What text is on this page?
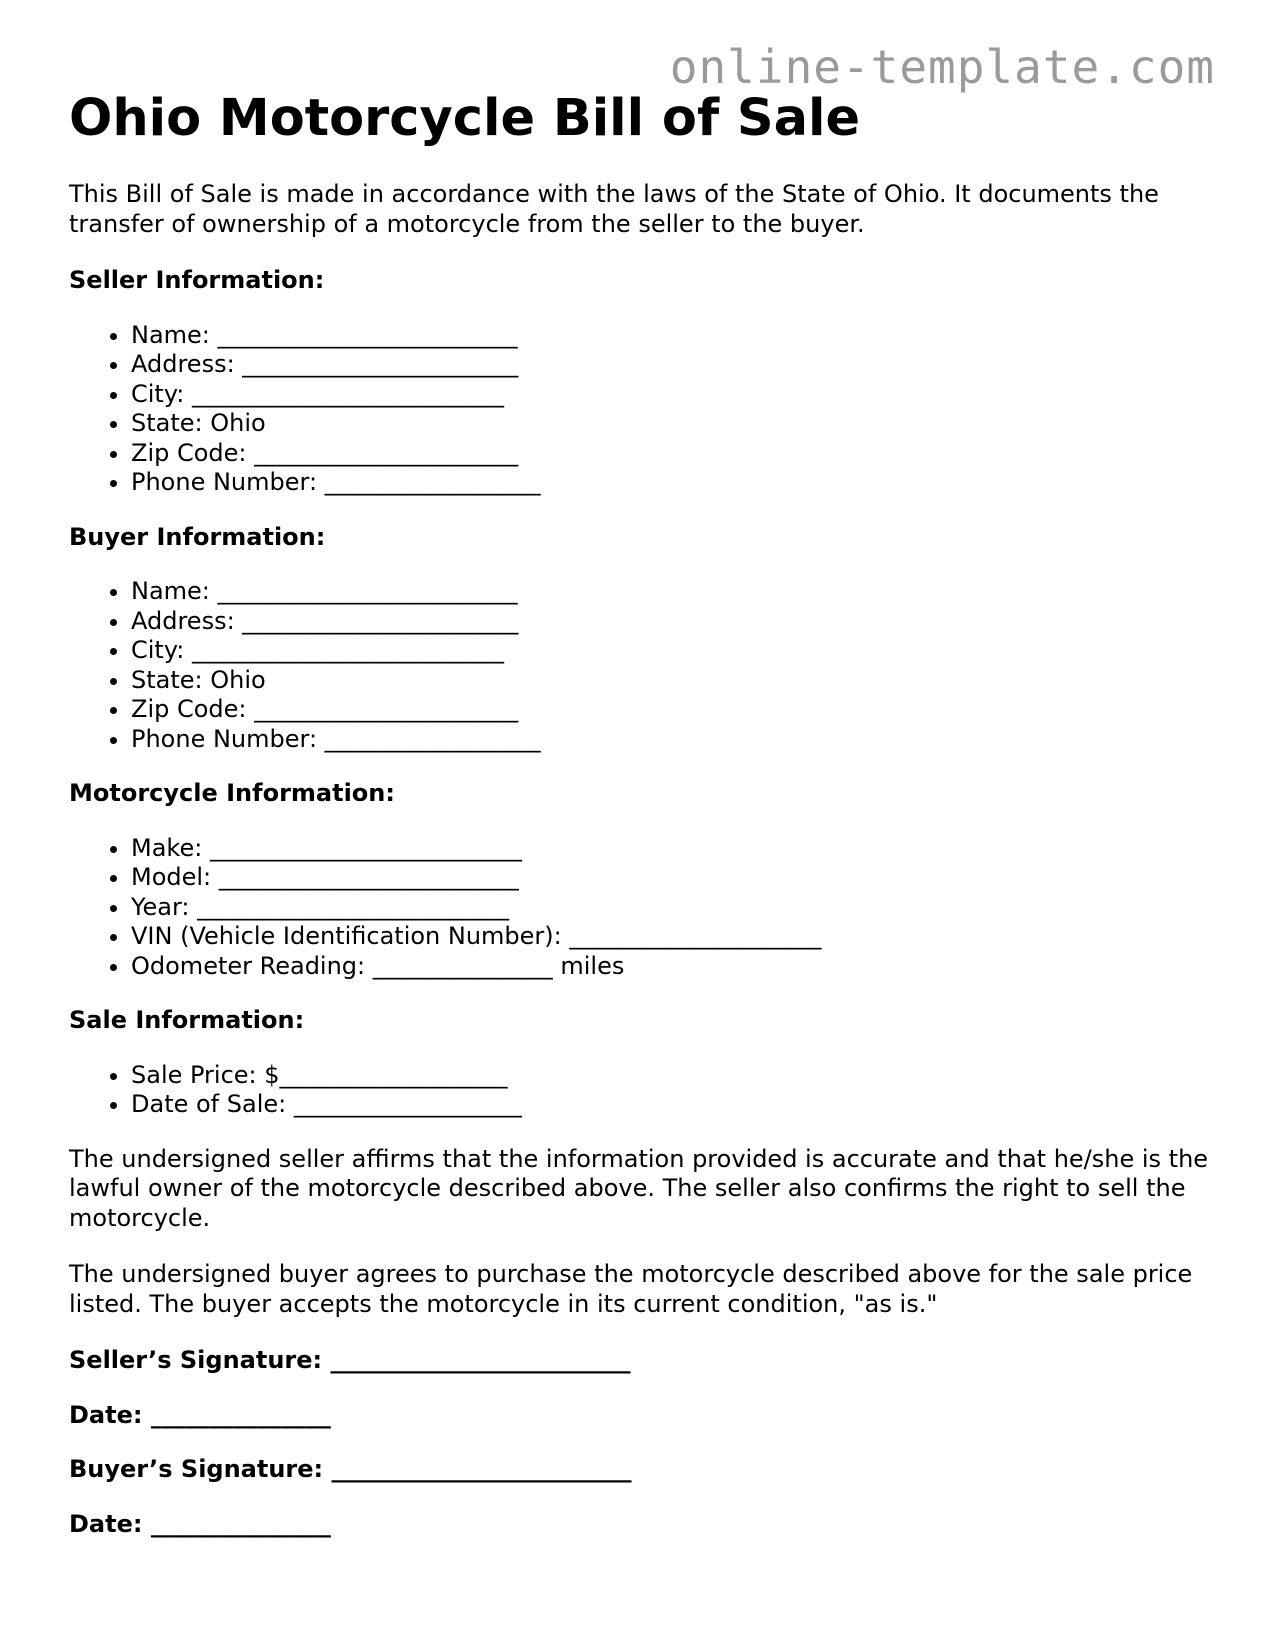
online-template.com
Ohio Motorcycle Bill of Sale

This Bill of Sale is made in accordance with the laws of the State of Ohio. It documents the transfer of ownership of a motorcycle from the seller to the buyer.

Seller Information:
• Name: _________________________
• Address: _______________________
• City: __________________________
• State: Ohio
• Zip Code: ______________________
• Phone Number: __________________
Buyer Information:
• Name: _________________________
• Address: _______________________
• City: __________________________
• State: Ohio
• Zip Code: ______________________
• Phone Number: __________________
Motorcycle Information:
• Make: __________________________
• Model: _________________________
• Year: __________________________
• VIN (Vehicle Identification Number): _____________________
• Odometer Reading: _______________ miles
Sale Information:
• Sale Price: $___________________
• Date of Sale: ___________________

The undersigned seller affirms that the information provided is accurate and that he/she is the lawful owner of the motorcycle described above. The seller also confirms the right to sell the motorcycle.

The undersigned buyer agrees to purchase the motorcycle described above for the sale price listed. The buyer accepts the motorcycle in its current condition, "as is."

Seller’s Signature: _________________________
Date: _______________
Buyer’s Signature: _________________________
Date: _______________
